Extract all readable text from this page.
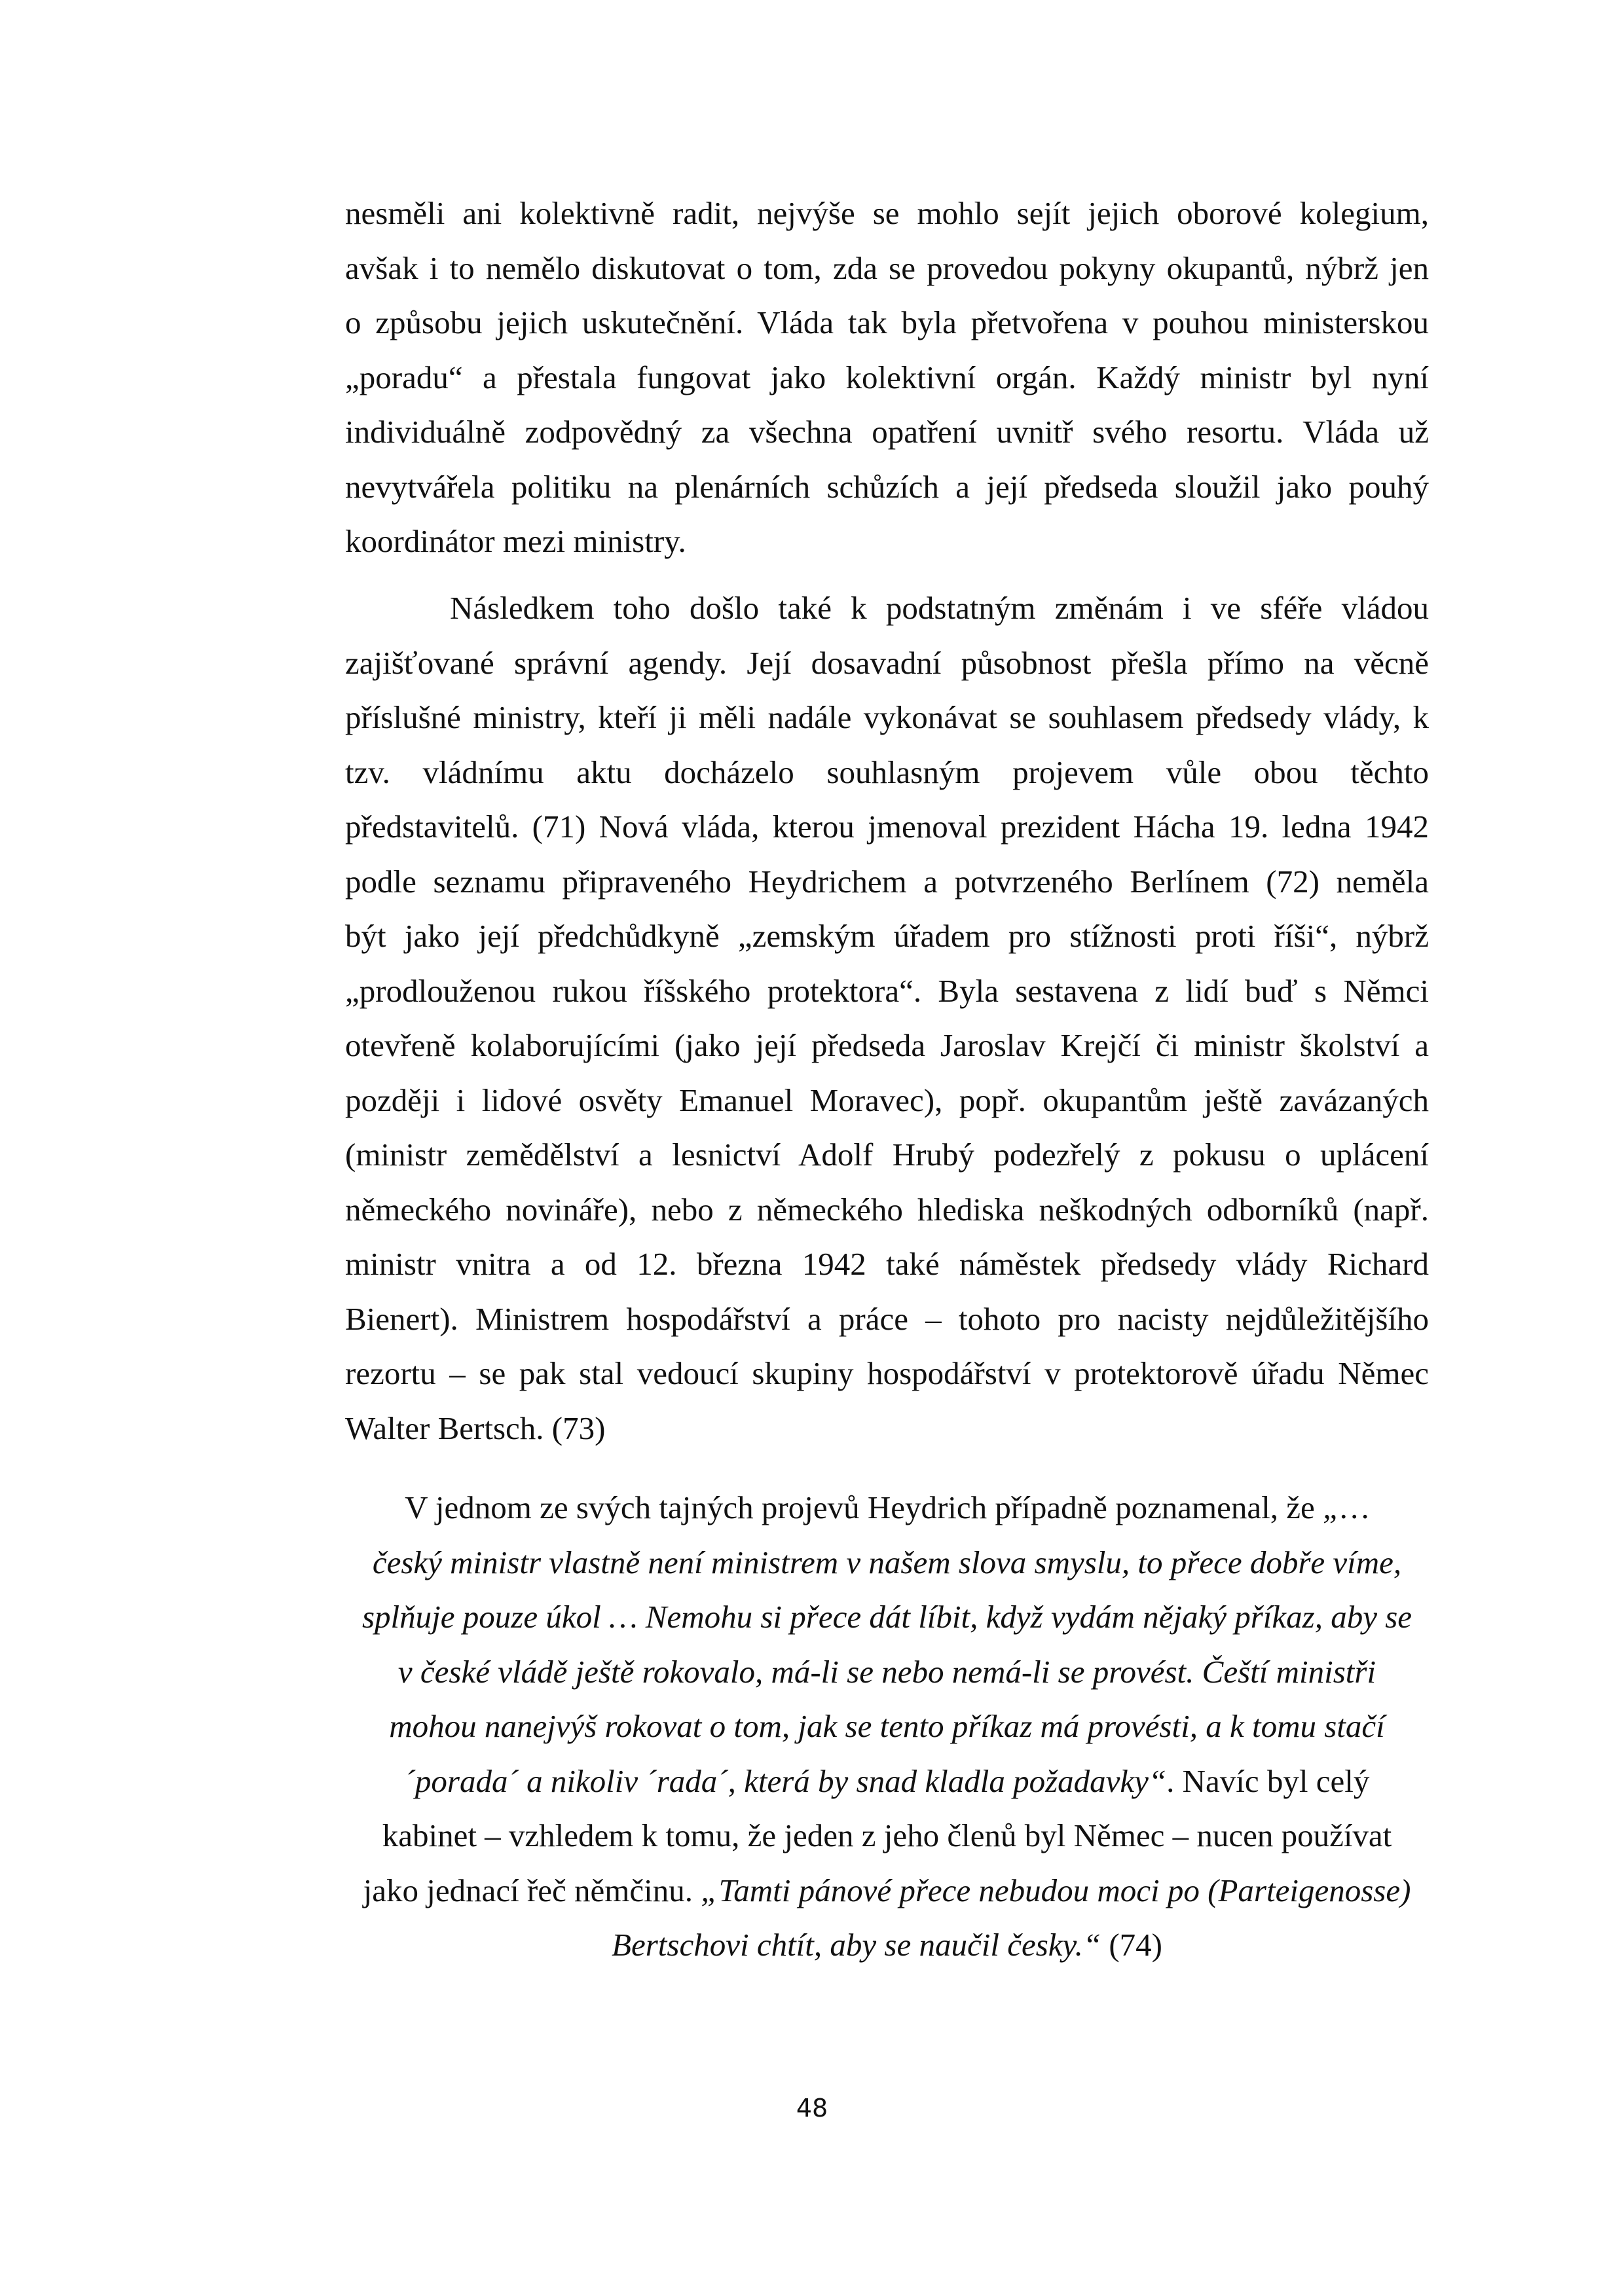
nesměli ani kolektivně radit, nejvýše se mohlo sejít jejich oborové kolegium,
avšak i to nemělo diskutovat o tom, zda se provedou pokyny okupantů, nýbrž jen
o způsobu jejich uskutečnění. Vláda tak byla přetvořena v pouhou ministerskou
„poradu“ a přestala fungovat jako kolektivní orgán. Každý ministr byl nyní
individuálně zodpovědný za všechna opatření uvnitř svého resortu. Vláda už
nevytvářela politiku na plenárních schůzích a její předseda sloužil jako pouhý
koordinátor mezi ministry.
Následkem toho došlo také k podstatným změnám i ve sféře vládou
zajišťované správní agendy. Její dosavadní působnost přešla přímo na věcně
příslušné ministry, kteří ji měli nadále vykonávat se souhlasem předsedy vlády, k
tzv. vládnímu aktu docházelo souhlasným projevem vůle obou těchto
představitelů. (71) Nová vláda, kterou jmenoval prezident Hácha 19. ledna 1942
podle seznamu připraveného Heydrichem a potvrzeného Berlínem (72) neměla
být jako její předchůdkyně „zemským úřadem pro stížnosti proti říši“, nýbrž
„prodlouženou rukou říšského protektora“. Byla sestavena z lidí buď s Němci
otevřeně kolaborujícími (jako její předseda Jaroslav Krejčí či ministr školství a
později i lidové osvěty Emanuel Moravec), popř. okupantům ještě zavázaných
(ministr zemědělství a lesnictví Adolf Hrubý podezřelý z pokusu o uplácení
německého novináře), nebo z německého hlediska neškodných odborníků (např.
ministr vnitra a od 12. března 1942 také náměstek předsedy vlády Richard
Bienert). Ministrem hospodářství a práce – tohoto pro nacisty nejdůležitějšího
rezortu – se pak stal vedoucí skupiny hospodářství v protektorově úřadu Němec
Walter Bertsch. (73)
V jednom ze svých tajných projevů Heydrich případně poznamenal, že „…
český ministr vlastně není ministrem v našem slova smyslu, to přece dobře víme,
splňuje pouze úkol … Nemohu si přece dát líbit, když vydám nějaký příkaz, aby se
v české vládě ještě rokovalo, má-li se nebo nemá-li se provést. Čeští ministři
mohou nanejvýš rokovat o tom, jak se tento příkaz má provésti, a k tomu stačí
´porada´ a nikoliv ´rada´, která by snad kladla požadavky“. Navíc byl celý
kabinet – vzhledem k tomu, že jeden z jeho členů byl Němec – nucen používat
jako jednací řeč němčinu. „Tamti pánové přece nebudou moci po (Parteigenosse)
Bertschovi chtít, aby se naučil česky.“ (74)
48
